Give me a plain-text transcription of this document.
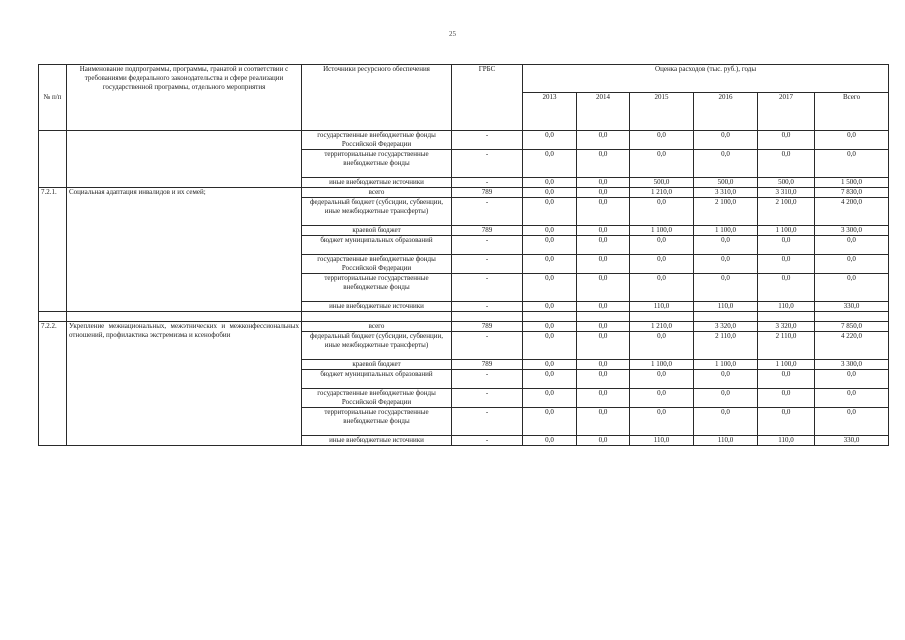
25
№ п/п	Наименование подпрограммы, программы, гранатой и соответствии с требованиями федерального законодательства и сфере реализации государственной программы, отдельного мероприятия	Источники ресурсного обеспечения	ГРБС	Оценка расходов (тыс. руб.), годы					
				2013	2014	2015	2016	2017	Всего
		государственные внебюджетные фонды Российской Федерации	-	0,0	0,0	0,0	0,0	0,0	0,0
		территориальные государственные внебюджетные фонды	-	0,0	0,0	0,0	0,0	0,0	0,0
		иные внебюджетные источники	-	0,0	0,0	500,0	500,0	500,0	1 500,0
7.2.1.	Социальная адаптация инвалидов и их семей;	всего	789	0,0	0,0	1 210,0	3 310,0	3 310,0	7 830,0
		федеральный бюджет (субсидии, субвенции, иные межбюджетные трансферты)	-	0,0	0,0	0,0	2 100,0	2 100,0	4 200,0
		краевой бюджет	789	0,0	0,0	1 100,0	1 100,0	1 100,0	3 300,0
		бюджет муниципальных образований	-	0,0	0,0	0,0	0,0	0,0	0,0
		государственные внебюджетные фонды Российской Федерации	-	0,0	0,0	0,0	0,0	0,0	0,0
		территориальные государственные внебюджетные фонды	-	0,0	0,0	0,0	0,0	0,0	0,0
		иные внебюджетные источники	-	0,0	0,0	110,0	110,0	110,0	330,0

7.2.2.	Укрепление межнациональных, межэтнических и межконфессиональных отношений, профилактика экстремизма и ксенофобии	всего	789	0,0	0,0	1 210,0	3 320,0	3 320,0	7 850,0
		федеральный бюджет (субсидии, субвенции, иные межбюджетные трансферты)	-	0,0	0,0	0,0	2 110,0	2 110,0	4 220,0
		краевой бюджет	789	0,0	0,0	1 100,0	1 100,0	1 100,0	3 300,0
		бюджет муниципальных образований	-	0,0	0,0	0,0	0,0	0,0	0,0
		государственные внебюджетные фонды Российской Федерации	-	0,0	0,0	0,0	0,0	0,0	0,0
		территориальные государственные внебюджетные фонды	-	0,0	0,0	0,0	0,0	0,0	0,0
		иные внебюджетные источники	-	0,0	0,0	110,0	110,0	110,0	330,0
